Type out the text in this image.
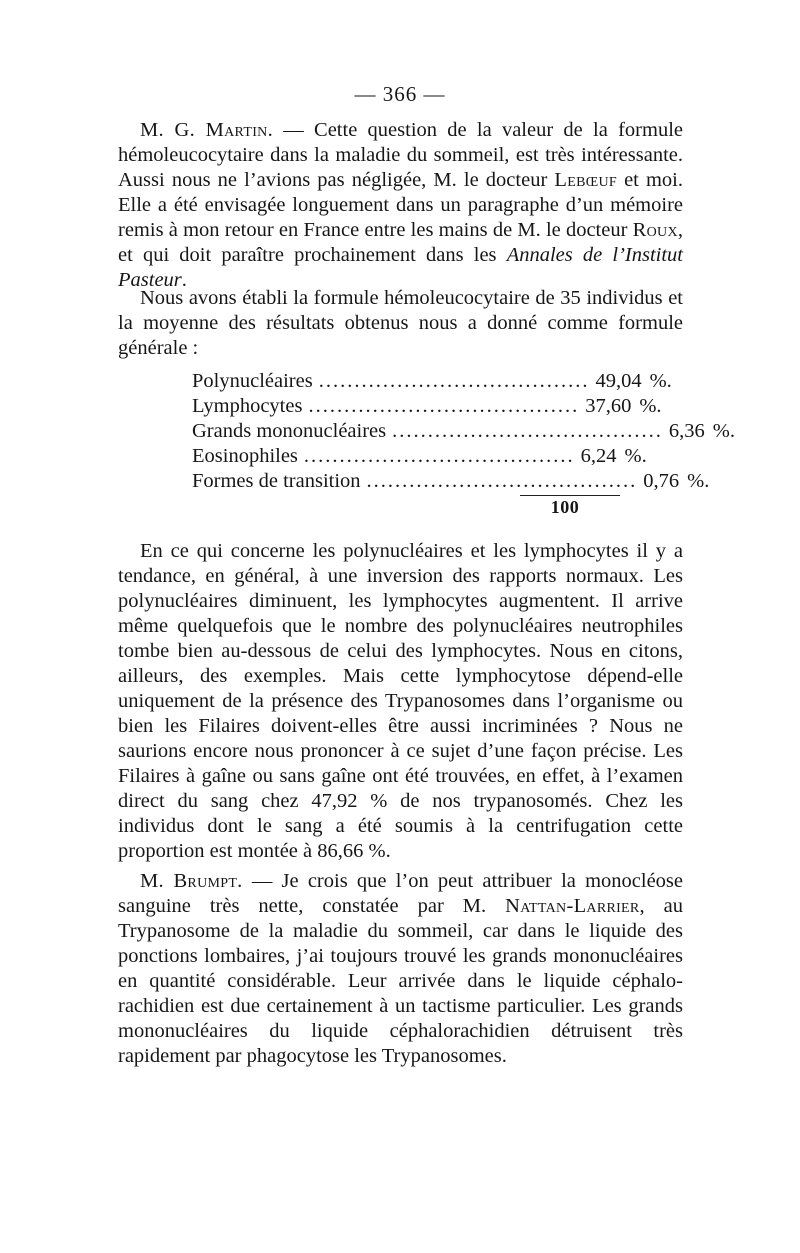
— 366 —

M. G. Martin. — Cette question de la valeur de la formule hémoleucocytaire dans la maladie du sommeil, est très intéressante. Aussi nous ne l’avions pas négligée, M. le docteur Lebœuf et moi. Elle a été envisagée longuement dans un paragraphe d’un mémoire remis à mon retour en France entre les mains de M. le docteur Roux, et qui doit paraître prochainement dans les Annales de l’Institut Pasteur.

Nous avons établi la formule hémoleucocytaire de 35 individus et la moyenne des résultats obtenus nous a donné comme formule générale :

Polynucléaires ...................................... 49,04 %.
Lymphocytes ...................................... 37,60 %.
Grands mononucléaires ...................................... 6,36 %.
Eosinophiles ...................................... 6,24 %.
Formes de transition ...................................... 0,76 %.
100

En ce qui concerne les polynucléaires et les lymphocytes il y a tendance, en général, à une inversion des rapports normaux. Les polynucléaires diminuent, les lymphocytes augmentent. Il arrive même quelquefois que le nombre des polynucléaires neutrophiles tombe bien au-dessous de celui des lymphocytes. Nous en citons, ailleurs, des exemples. Mais cette lymphocytose dépend-elle uniquement de la présence des Trypanosomes dans l’organisme ou bien les Filaires doivent-elles être aussi incriminées ? Nous ne saurions encore nous prononcer à ce sujet d’une façon précise. Les Filaires à gaîne ou sans gaîne ont été trouvées, en effet, à l’examen direct du sang chez 47,92 % de nos trypanosomés. Chez les individus dont le sang a été soumis à la centrifugation cette proportion est montée à 86,66 %.

M. Brumpt. — Je crois que l’on peut attribuer la monocléose sanguine très nette, constatée par M. Nattan-Larrier, au Trypanosome de la maladie du sommeil, car dans le liquide des ponctions lombaires, j’ai toujours trouvé les grands mononucléaires en quantité considérable. Leur arrivée dans le liquide céphalo-rachidien est due certainement à un tactisme particulier. Les grands mononucléaires du liquide céphalorachidien détruisent très rapidement par phagocytose les Trypanosomes.
